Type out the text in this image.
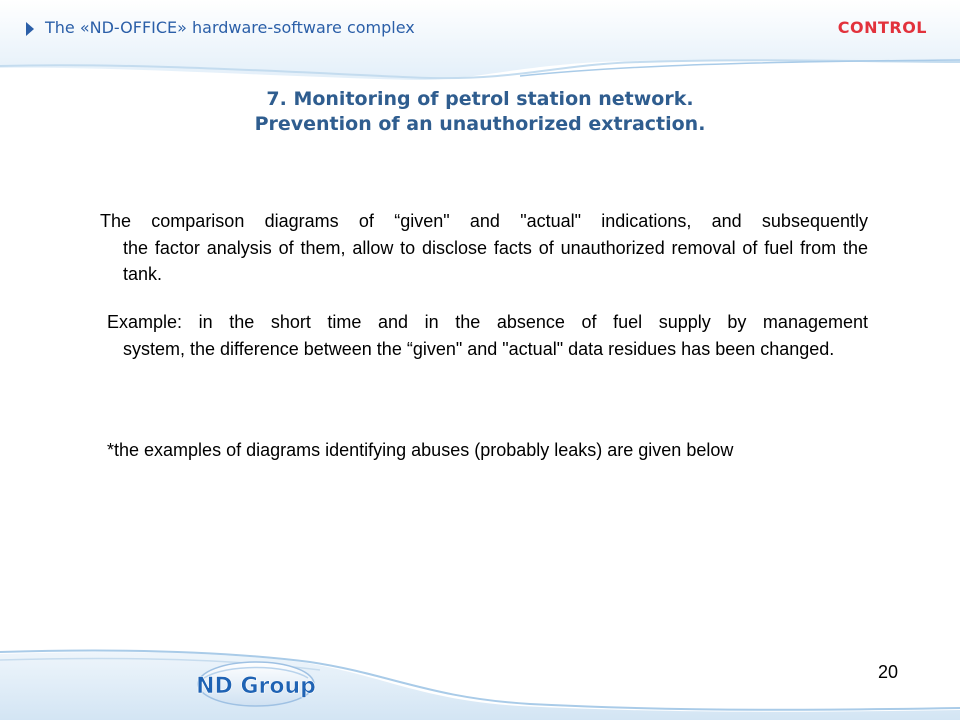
The «ND-OFFICE» hardware-software complex	CONTROL
7. Monitoring of petrol station network.
Prevention of an unauthorized extraction.
The comparison diagrams of “given" and "actual" indications, and subsequently
the factor analysis of them, allow to disclose facts of unauthorized removal of fuel from the tank.
Example: in the short time and in the absence of fuel supply by management
system, the difference between the “given" and "actual" data residues has been changed.
*the examples of diagrams identifying abuses (probably leaks) are given below
ND Group
20
